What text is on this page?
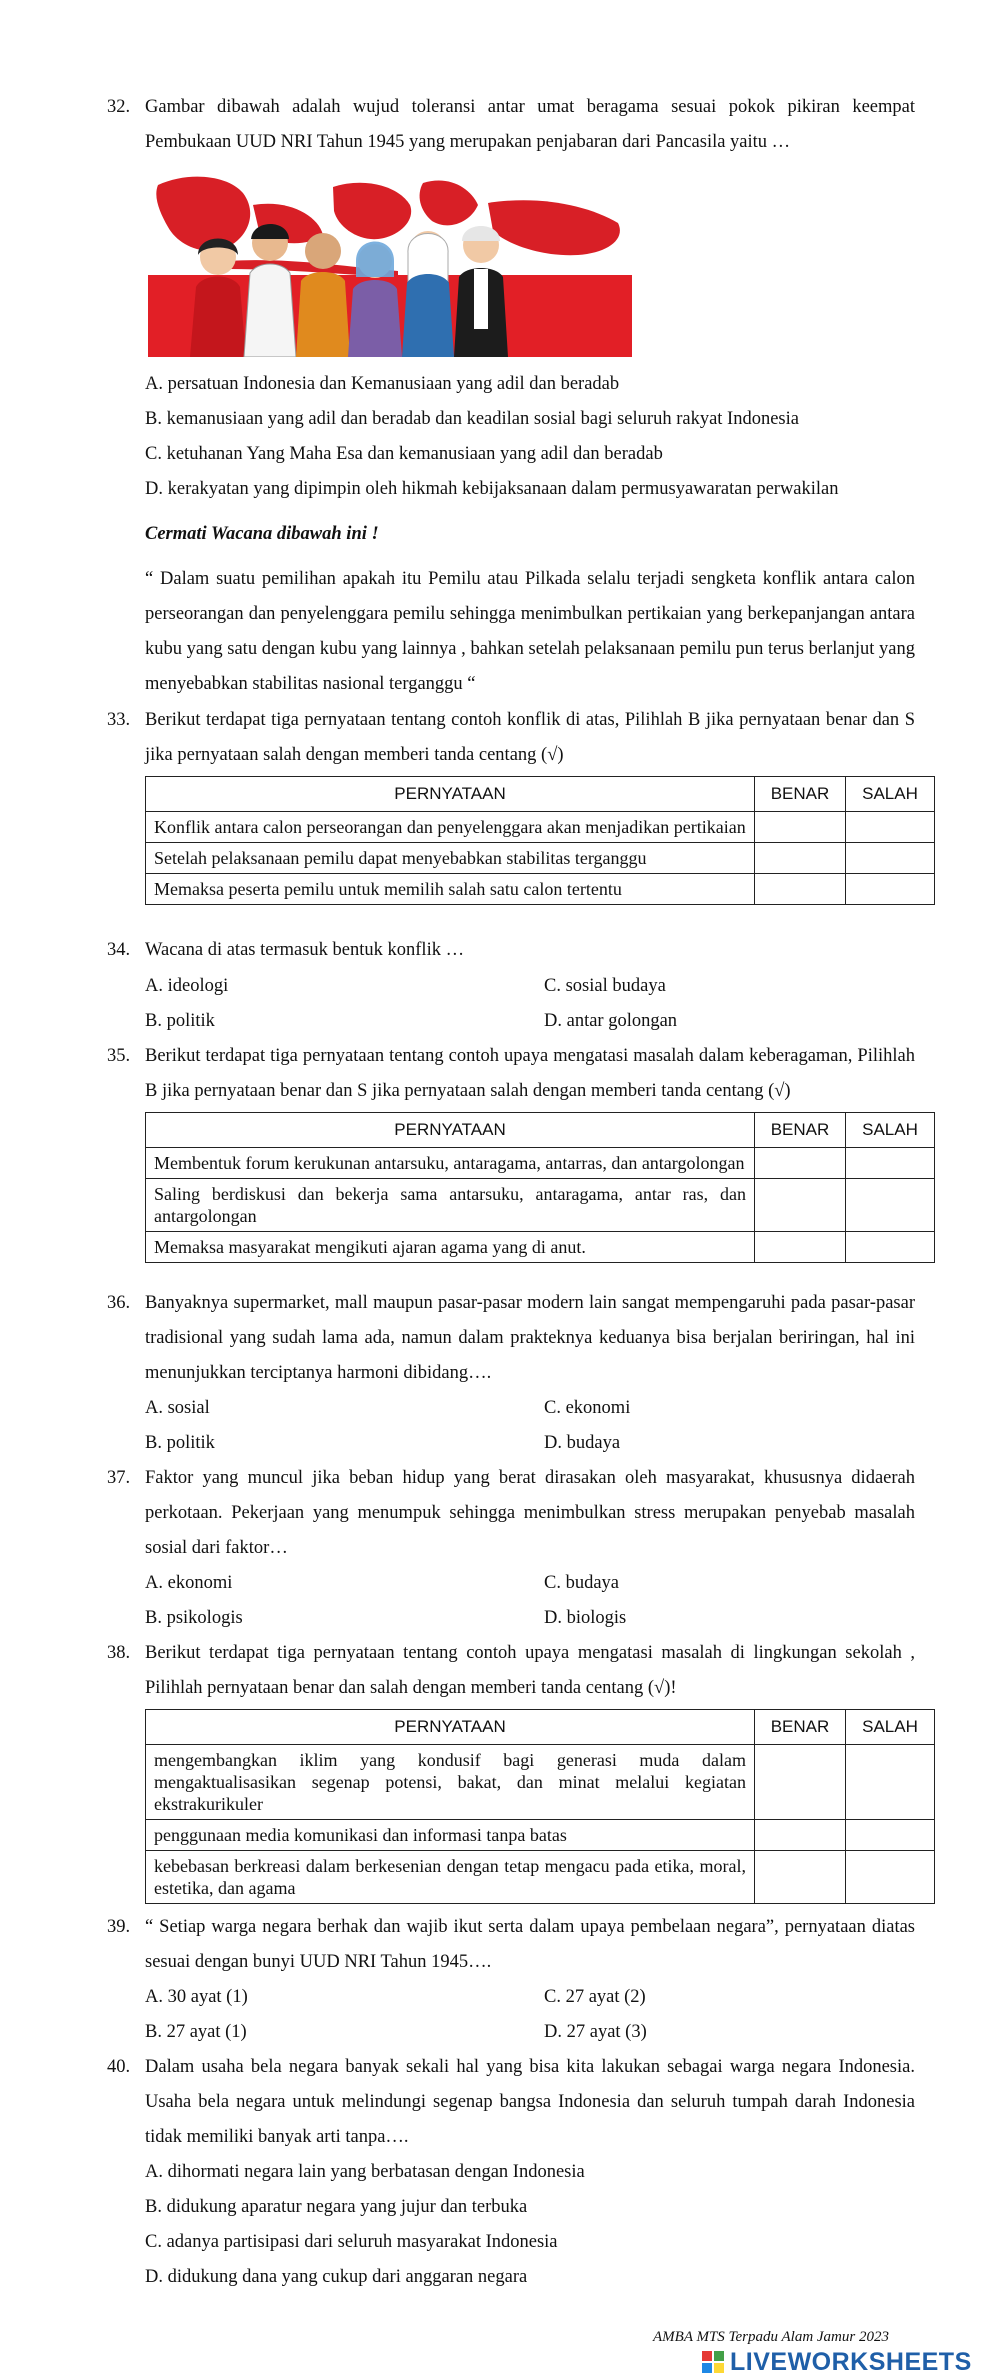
32. Gambar dibawah adalah wujud toleransi antar umat beragama sesuai pokok pikiran keempat Pembukaan UUD NRI Tahun 1945 yang merupakan penjabaran dari Pancasila yaitu …
A. persatuan Indonesia dan Kemanusiaan yang adil dan beradab
B. kemanusiaan yang adil dan beradab dan keadilan sosial bagi seluruh rakyat Indonesia
C. ketuhanan Yang Maha Esa dan kemanusiaan yang adil dan beradab
D. kerakyatan yang dipimpin oleh hikmah kebijaksanaan dalam permusyawaratan perwakilan
Cermati Wacana dibawah ini !
“ Dalam suatu pemilihan apakah itu Pemilu atau Pilkada selalu terjadi sengketa konflik antara calon perseorangan dan penyelenggara pemilu sehingga menimbulkan pertikaian yang berkepanjangan antara kubu yang satu dengan kubu yang lainnya , bahkan setelah pelaksanaan pemilu pun terus berlanjut yang menyebabkan stabilitas nasional terganggu “
33. Berikut terdapat tiga pernyataan tentang contoh konflik di atas, Pilihlah B jika pernyataan benar dan S jika pernyataan salah dengan memberi tanda centang (√)
PERNYATAAN	BENAR	SALAH
Konflik antara calon perseorangan dan penyelenggara akan menjadikan pertikaian		
Setelah pelaksanaan pemilu dapat menyebabkan stabilitas terganggu		
Memaksa peserta pemilu untuk memilih salah satu calon tertentu		
34. Wacana di atas termasuk bentuk konflik …
A. ideologi
B. politik
C. sosial budaya
D. antar golongan
35. Berikut terdapat tiga pernyataan tentang contoh upaya mengatasi masalah dalam keberagaman, Pilihlah B jika pernyataan benar dan S jika pernyataan salah dengan memberi tanda centang (√)
PERNYATAAN	BENAR	SALAH
Membentuk forum kerukunan antarsuku, antaragama, antarras, dan antargolongan		
Saling berdiskusi dan bekerja sama antarsuku, antaragama, antar ras, dan antargolongan		
Memaksa masyarakat mengikuti ajaran agama yang di anut.		
36. Banyaknya supermarket, mall maupun pasar-pasar modern lain sangat mempengaruhi pada pasar-pasar tradisional yang sudah lama ada, namun dalam prakteknya keduanya bisa berjalan beriringan, hal ini menunjukkan terciptanya harmoni dibidang….
A. sosial
B. politik
C. ekonomi
D. budaya
37. Faktor yang muncul jika beban hidup yang berat dirasakan oleh masyarakat, khususnya didaerah perkotaan. Pekerjaan yang menumpuk sehingga menimbulkan stress merupakan penyebab masalah sosial dari faktor…
A. ekonomi
B. psikologis
C. budaya
D. biologis
38. Berikut terdapat tiga pernyataan tentang contoh upaya mengatasi masalah di lingkungan sekolah , Pilihlah pernyataan benar dan salah dengan memberi tanda centang (√)!
PERNYATAAN	BENAR	SALAH
mengembangkan iklim yang kondusif bagi generasi muda dalam mengaktualisasikan segenap potensi, bakat, dan minat melalui kegiatan ekstrakurikuler		
penggunaan media komunikasi dan informasi tanpa batas		
kebebasan berkreasi dalam berkesenian dengan tetap mengacu pada etika, moral, estetika, dan agama		
39. “ Setiap warga negara berhak dan wajib ikut serta dalam upaya pembelaan negara”, pernyataan diatas sesuai dengan bunyi UUD NRI Tahun 1945….
A. 30 ayat (1)
B. 27 ayat (1)
C. 27 ayat (2)
D. 27 ayat (3)
40. Dalam usaha bela negara banyak sekali hal yang bisa kita lakukan sebagai warga negara Indonesia. Usaha bela negara untuk melindungi segenap bangsa Indonesia dan seluruh tumpah darah Indonesia tidak memiliki banyak arti tanpa….
A. dihormati negara lain yang berbatasan dengan Indonesia
B. didukung aparatur negara yang jujur dan terbuka
C. adanya partisipasi dari seluruh masyarakat Indonesia
D. didukung dana yang cukup dari anggaran negara
AMBA MTS Terpadu Alam Jamur 2023
LIVEWORKSHEETS
